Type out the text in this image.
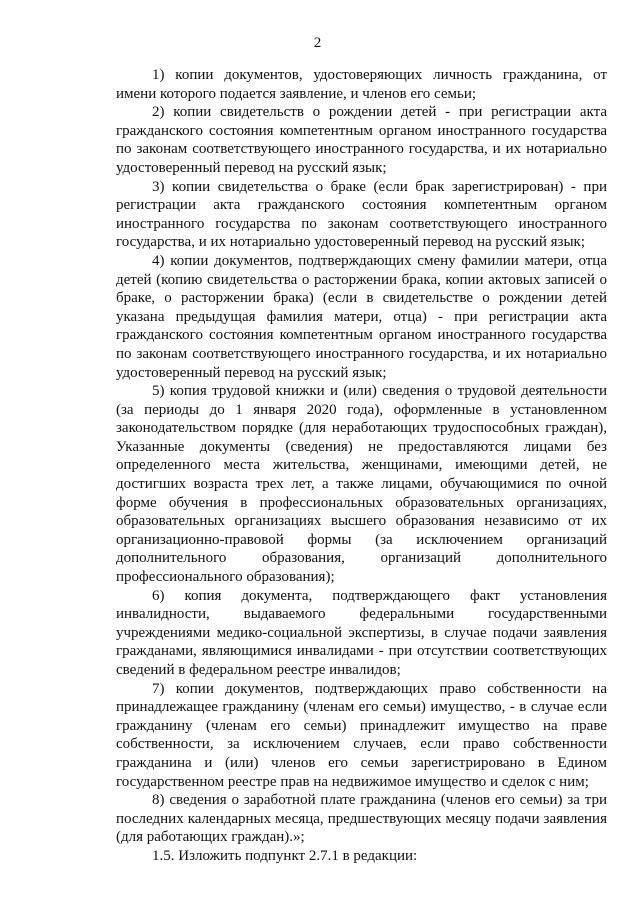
2

1) копии документов, удостоверяющих личность гражданина, от имени которого подается заявление, и членов его семьи;

2) копии свидетельств о рождении детей - при регистрации акта гражданского состояния компетентным органом иностранного государства по законам соответствующего иностранного государства, и их нотариально удостоверенный перевод на русский язык;

3) копии свидетельства о браке (если брак зарегистрирован) - при регистрации акта гражданского состояния компетентным органом иностранного государства по законам соответствующего иностранного государства, и их нотариально удостоверенный перевод на русский язык;

4) копии документов, подтверждающих смену фамилии матери, отца детей (копию свидетельства о расторжении брака, копии актовых записей о браке, о расторжении брака) (если в свидетельстве о рождении детей указана предыдущая фамилия матери, отца) - при регистрации акта гражданского состояния компетентным органом иностранного государства по законам соответствующего иностранного государства, и их нотариально удостоверенный перевод на русский язык;

5) копия трудовой книжки и (или) сведения о трудовой деятельности (за периоды до 1 января 2020 года), оформленные в установленном законодательством порядке (для неработающих трудоспособных граждан), Указанные документы (сведения) не предоставляются лицами без определенного места жительства, женщинами, имеющими детей, не достигших возраста трех лет, а также лицами, обучающимися по очной форме обучения в профессиональных образовательных организациях, образовательных организациях высшего образования независимо от их организационно-правовой формы (за исключением организаций дополнительного образования, организаций дополнительного профессионального образования);

6) копия документа, подтверждающего факт установления инвалидности, выдаваемого федеральными государственными учреждениями медико-социальной экспертизы, в случае подачи заявления гражданами, являющимися инвалидами - при отсутствии соответствующих сведений в федеральном реестре инвалидов;

7) копии документов, подтверждающих право собственности на принадлежащее гражданину (членам его семьи) имущество, - в случае если гражданину (членам его семьи) принадлежит имущество на праве собственности, за исключением случаев, если право собственности гражданина и (или) членов его семьи зарегистрировано в Едином государственном реестре прав на недвижимое имущество и сделок с ним;

8) сведения о заработной плате гражданина (членов его семьи) за три последних календарных месяца, предшествующих месяцу подачи заявления (для работающих граждан).»;

1.5. Изложить подпункт 2.7.1 в редакции:
